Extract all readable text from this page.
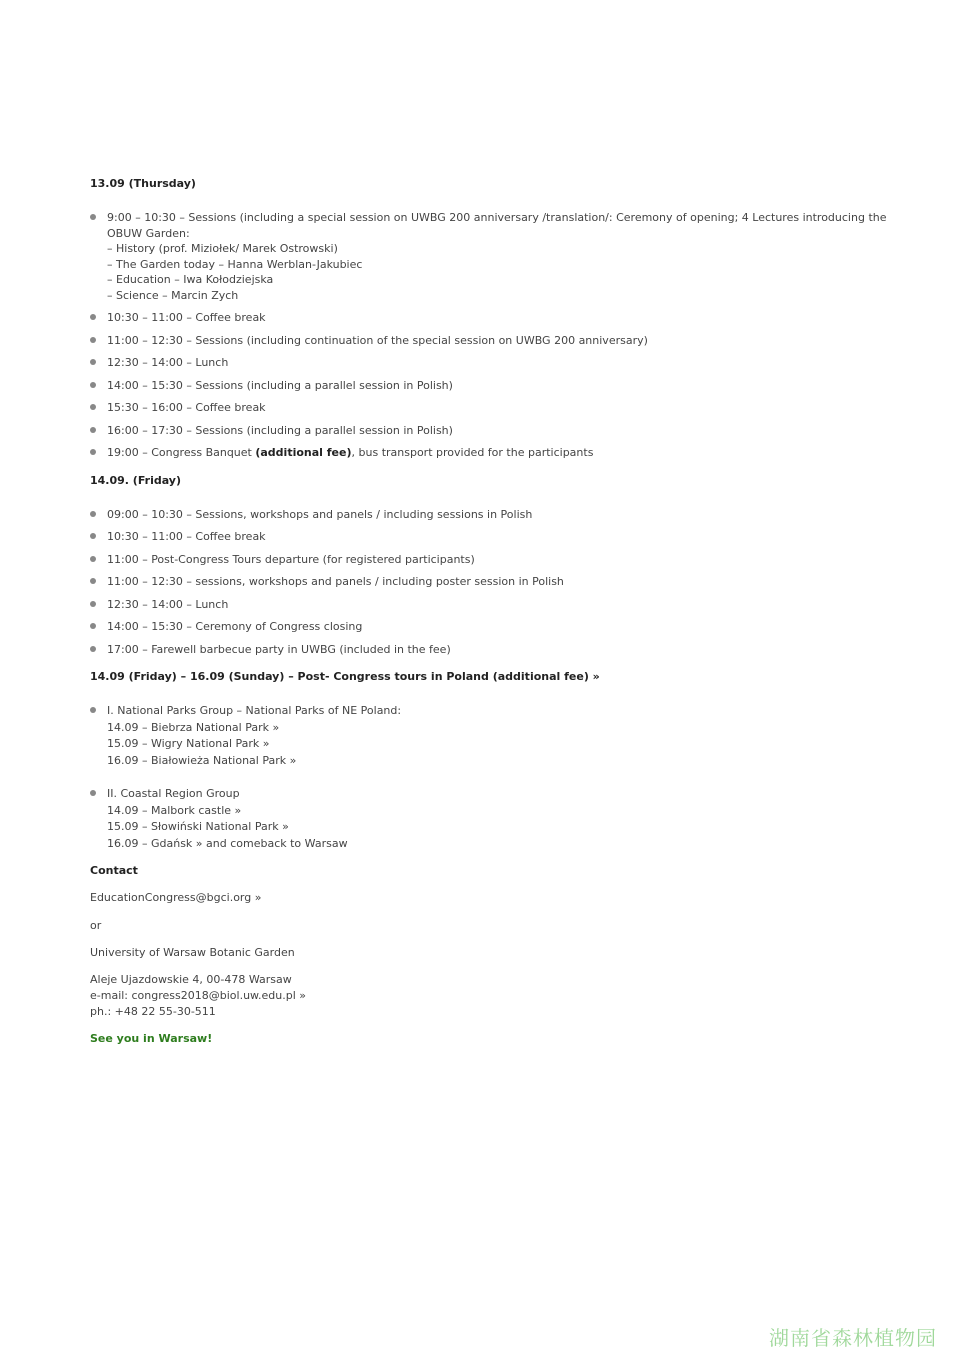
13.09 (Thursday)

9:00 – 10:30 – Sessions (including a special session on UWBG 200 anniversary /translation/: Ceremony of opening; 4 Lectures introducing the OBUW Garden:
– History (prof. Miziołek/ Marek Ostrowski)
– The Garden today – Hanna Werblan-Jakubiec
– Education – Iwa Kołodziejska
– Science – Marcin Zych
10:30 – 11:00 – Coffee break
11:00 – 12:30 – Sessions (including continuation of the special session on UWBG 200 anniversary)
12:30 – 14:00 – Lunch
14:00 – 15:30 – Sessions (including a parallel session in Polish)
15:30 – 16:00 – Coffee break
16:00 – 17:30 – Sessions (including a parallel session in Polish)
19:00 – Congress Banquet (additional fee), bus transport provided for the participants

14.09. (Friday)

09:00 – 10:30 – Sessions, workshops and panels / including sessions in Polish
10:30 – 11:00 – Coffee break
11:00 – Post-Congress Tours departure (for registered participants)
11:00 – 12:30 – sessions, workshops and panels / including poster session in Polish
12:30 – 14:00 – Lunch
14:00 – 15:30 – Ceremony of Congress closing
17:00 – Farewell barbecue party in UWBG (included in the fee)

14.09 (Friday) – 16.09 (Sunday) – Post- Congress tours in Poland (additional fee) »

I. National Parks Group – National Parks of NE Poland:
14.09 – Biebrza National Park »
15.09 – Wigry National Park »
16.09 – Białowieża National Park »
II. Coastal Region Group
14.09 – Malbork castle »
15.09 – Słowiński National Park »
16.09 – Gdańsk » and comeback to Warsaw

Contact

EducationCongress@bgci.org »

or

University of Warsaw Botanic Garden

Aleje Ujazdowskie 4, 00-478 Warsaw

e-mail: congress2018@biol.uw.edu.pl »

ph.: +48 22 55-30-511

See you in Warsaw!

湖南省森林植物园
